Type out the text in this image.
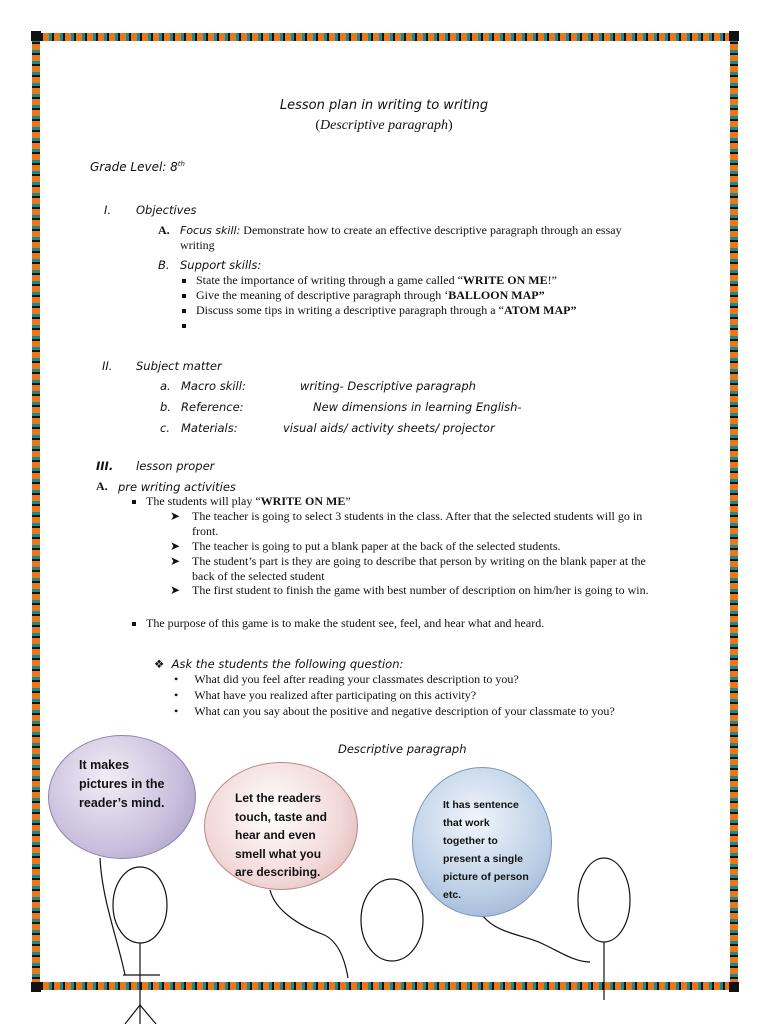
Lesson plan in writing to writing
(Descriptive paragraph)
Grade Level: 8th
I. Objectives
A. Focus skill: Demonstrate how to create an effective descriptive paragraph through an essay
writing
B. Support skills:
State the importance of writing through a game called “WRITE ON ME!”
Give the meaning of descriptive paragraph through ‘BALLOON MAP”
Discuss some tips in writing a descriptive paragraph through a “ATOM MAP”
II. Subject matter
a. Macro skill:	writing- Descriptive paragraph
b. Reference:	New dimensions in learning English-
c. Materials:	visual aids/ activity sheets/ projector
III. lesson proper
A. pre writing activities
The students will play “WRITE ON ME”
➤ The teacher is going to select 3 students in the class. After that the selected students will go in
front.
➤ The teacher is going to put a blank paper at the back of the selected students.
➤ The student’s part is they are going to describe that person by writing on the blank paper at the
back of the selected student
➤ The first student to finish the game with best number of description on him/her is going to win.
The purpose of this game is to make the student see, feel, and hear what and heard.
❖  Ask the students the following question:
• What did you feel after reading your classmates description to you?
• What have you realized after participating on this activity?
• What can you say about the positive and negative description of your classmate to you?
Descriptive paragraph
It makes
pictures in the
reader’s mind.	Let the readers
touch, taste and
hear and even
smell what you
are describing.
It has sentence
that work
together to
present a single
picture of person
etc.
